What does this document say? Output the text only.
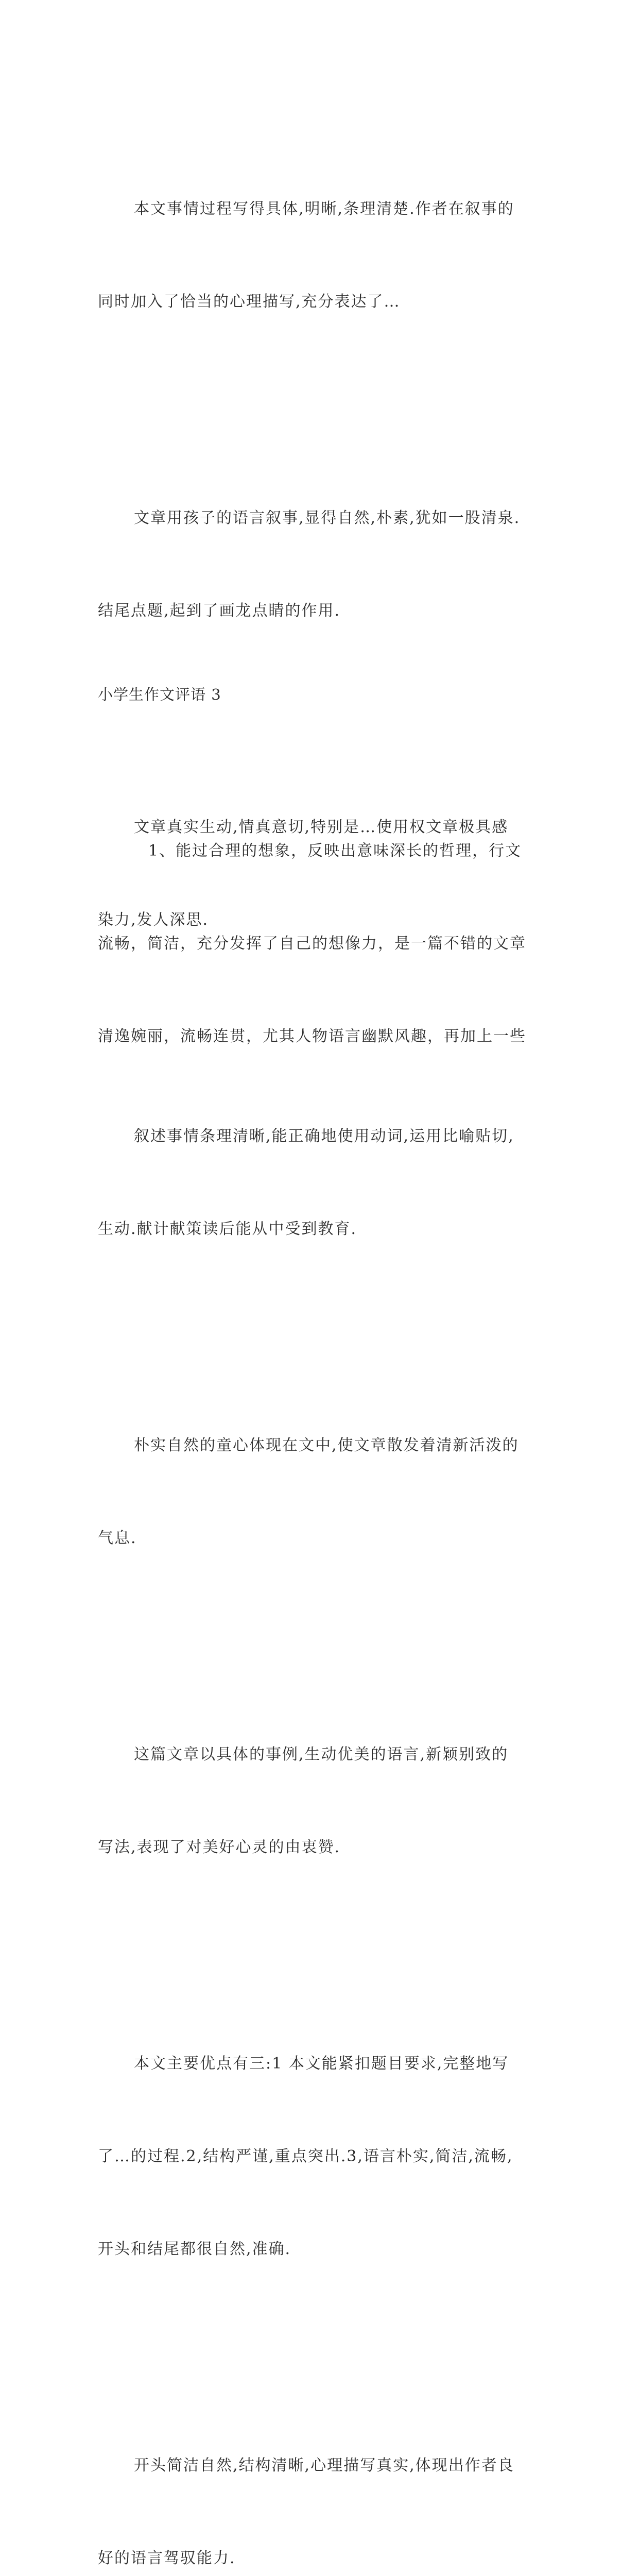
本文事情过程写得具体,明晰,条理清楚.作者在叙事的

同时加入了恰当的心理描写,充分表达了…

文章用孩子的语言叙事,显得自然,朴素,犹如一股清泉.

结尾点题,起到了画龙点睛的作用.

文章真实生动,情真意切,特别是…使用权文章极具感

染力,发人深思.

叙述事情条理清晰,能正确地使用动词,运用比喻贴切,

生动.献计献策读后能从中受到教育.

朴实自然的童心体现在文中,使文章散发着清新活泼的

气息.

这篇文章以具体的事例,生动优美的语言,新颖别致的

写法,表现了对美好心灵的由衷赞.

本文主要优点有三:1 本文能紧扣题目要求,完整地写

了…的过程.2,结构严谨,重点突出.3,语言朴实,简洁,流畅,

开头和结尾都很自然,准确.

开头简洁自然,结构清晰,心理描写真实,体现出作者良

好的语言驾驭能力.

小学生作文评语 3

1、能过合理的想象，反映出意味深长的哲理，行文

流畅，简洁，充分发挥了自己的想像力，是一篇不错的文章

清逸婉丽，流畅连贯，尤其人物语言幽默风趣，再加上一些
